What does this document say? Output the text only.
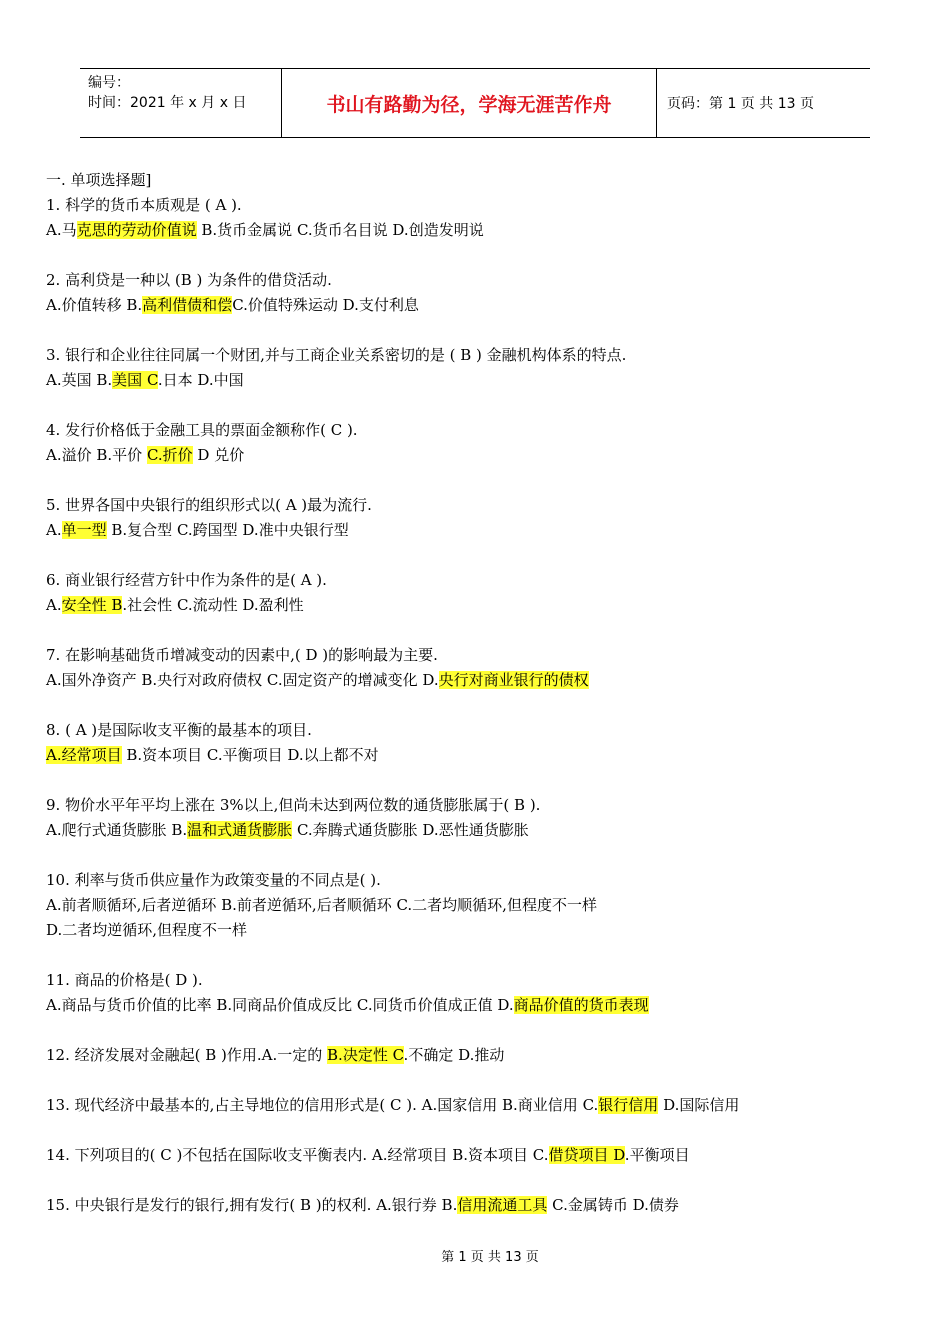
编号：
时间：2021 年 x 月 x 日	书山有路勤为径，学海无涯苦作舟	页码：第 1 页 共 13 页
一. 单项选择题]
1. 科学的货币本质观是 ( A ).
A.马克思的劳动价值说 B.货币金属说 C.货币名目说 D.创造发明说
2. 高利贷是一种以 (B ) 为条件的借贷活动.
A.价值转移 B.高利借债和偿C.价值特殊运动 D.支付利息
3. 银行和企业往往同属一个财团,并与工商企业关系密切的是 ( B ) 金融机构体系的特点.
A.英国 B.美国 C.日本 D.中国
4. 发行价格低于金融工具的票面金额称作( C ).
A.溢价 B.平价 C.折价 D 兑价
5. 世界各国中央银行的组织形式以( A )最为流行.
A.单一型 B.复合型 C.跨国型 D.准中央银行型
6. 商业银行经营方针中作为条件的是( A ).
A.安全性 B.社会性 C.流动性 D.盈利性
7. 在影响基础货币增减变动的因素中,( D )的影响最为主要.
A.国外净资产 B.央行对政府债权 C.固定资产的增减变化 D.央行对商业银行的债权
8. ( A )是国际收支平衡的最基本的项目.
A.经常项目 B.资本项目 C.平衡项目 D.以上都不对
9. 物价水平年平均上涨在 3%以上,但尚未达到两位数的通货膨胀属于( B ).
A.爬行式通货膨胀 B.温和式通货膨胀 C.奔腾式通货膨胀 D.恶性通货膨胀
10. 利率与货币供应量作为政策变量的不同点是( ).
A.前者顺循环,后者逆循环 B.前者逆循环,后者顺循环 C.二者均顺循环,但程度不一样
D.二者均逆循环,但程度不一样
11. 商品的价格是( D ).
A.商品与货币价值的比率 B.同商品价值成反比 C.同货币价值成正值 D.商品价值的货币表现
12. 经济发展对金融起( B )作用.A.一定的 B.决定性 C.不确定 D.推动
13. 现代经济中最基本的,占主导地位的信用形式是( C ). A.国家信用 B.商业信用 C.银行信用 D.国际信用
14. 下列项目的( C )不包括在国际收支平衡表内. A.经常项目 B.资本项目 C.借贷项目 D.平衡项目
15. 中央银行是发行的银行,拥有发行( B )的权利. A.银行券 B.信用流通工具 C.金属铸币 D.债券
第 1 页 共 13 页
